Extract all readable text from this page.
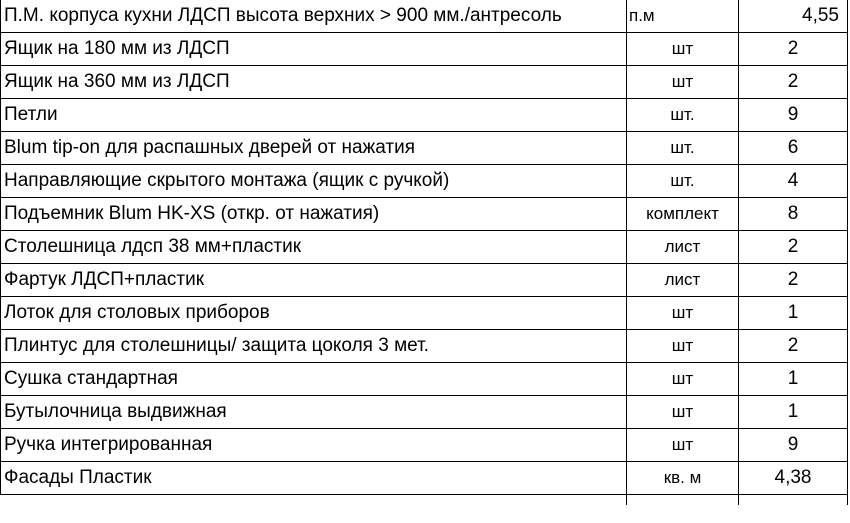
П.М. корпуса кухни ЛДСП высота верхних > 900 мм./антресоль	п.м	4,55
Ящик на 180 мм из ЛДСП	шт	2
Ящик на 360 мм из ЛДСП	шт	2
Петли	шт.	9
Blum tip-on для распашных дверей от нажатия	шт.	6
Направляющие скрытого монтажа (ящик с ручкой)	шт.	4
Подъемник Blum HK-XS (откр. от нажатия)	комплект	8
Столешница лдсп 38 мм+пластик	лист	2
Фартук ЛДСП+пластик	лист	2
Лоток для столовых приборов	шт	1
Плинтус для столешницы/ защита цоколя 3 мет.	шт	2
Сушка стандартная	шт	1
Бутылочница выдвижная	шт	1
Ручка интегрированная	шт	9
Фасады Пластик	кв. м	4,38
